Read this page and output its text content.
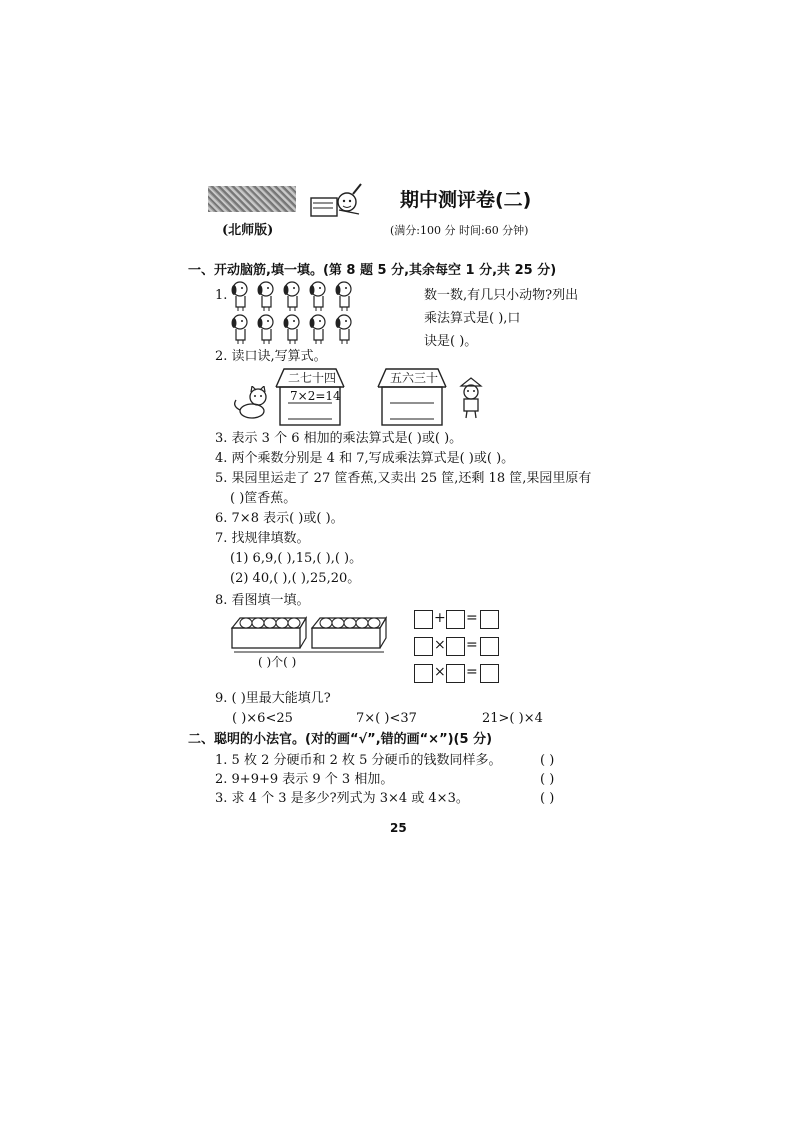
期中测评卷(二)
(北师版)	(满分:100 分 时间:60 分钟)
一、开动脑筋,填一填。(第 8 题 5 分,其余每空 1 分,共 25 分)
1.	数一数,有几只小动物?列出
乘法算式是( ),口
诀是( )。
2. 读口诀,写算式。
二七十四
7×2=14
五六三十
3. 表示 3 个 6 相加的乘法算式是( )或( )。
4. 两个乘数分别是 4 和 7,写成乘法算式是( )或( )。
5. 果园里运走了 27 筐香蕉,又卖出 25 筐,还剩 18 筐,果园里原有
( )筐香蕉。
6. 7×8 表示( )或( )。
7. 找规律填数。
(1) 6,9,( ),15,( ),( )。
(2) 40,( ),( ),25,20。
8. 看图填一填。
( )个( )
+ =
× =
× =
9. ( )里最大能填几?
( )×6<25	7×( )<37	21>( )×4
二、聪明的小法官。(对的画“√”,错的画“×”)(5 分)
1. 5 枚 2 分硬币和 2 枚 5 分硬币的钱数同样多。	( )
2. 9+9+9 表示 9 个 3 相加。	( )
3. 求 4 个 3 是多少?列式为 3×4 或 4×3。	( )
25
